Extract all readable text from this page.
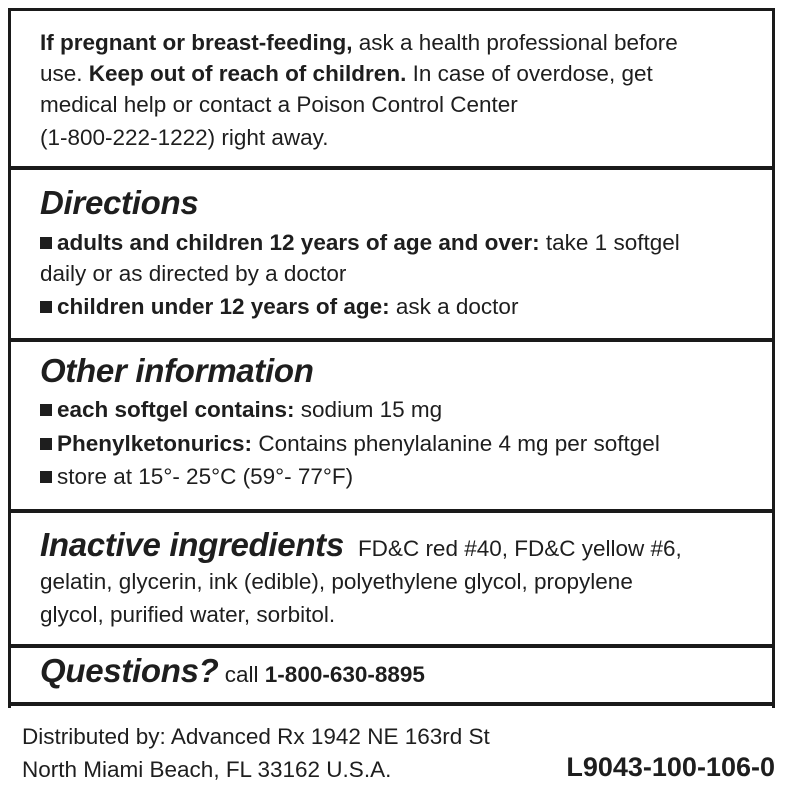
If pregnant or breast-feeding, ask a health professional before
use. Keep out of reach of children. In case of overdose, get
medical help or contact a Poison Control Center
(1-800-222-1222) right away.
Directions
adults and children 12 years of age and over: take 1 softgel
daily or as directed by a doctor
children under 12 years of age: ask a doctor
Other information
each softgel contains: sodium 15 mg
Phenylketonurics: Contains phenylalanine 4 mg per softgel
store at 15°- 25°C (59°- 77°F)
Inactive ingredients FD&C red #40, FD&C yellow #6,
gelatin, glycerin, ink (edible), polyethylene glycol, propylene
glycol, purified water, sorbitol.
Questions? call 1-800-630-8895
Distributed by: Advanced Rx 1942 NE 163rd St
North Miami Beach, FL 33162 U.S.A.	L9043-100-106-0
